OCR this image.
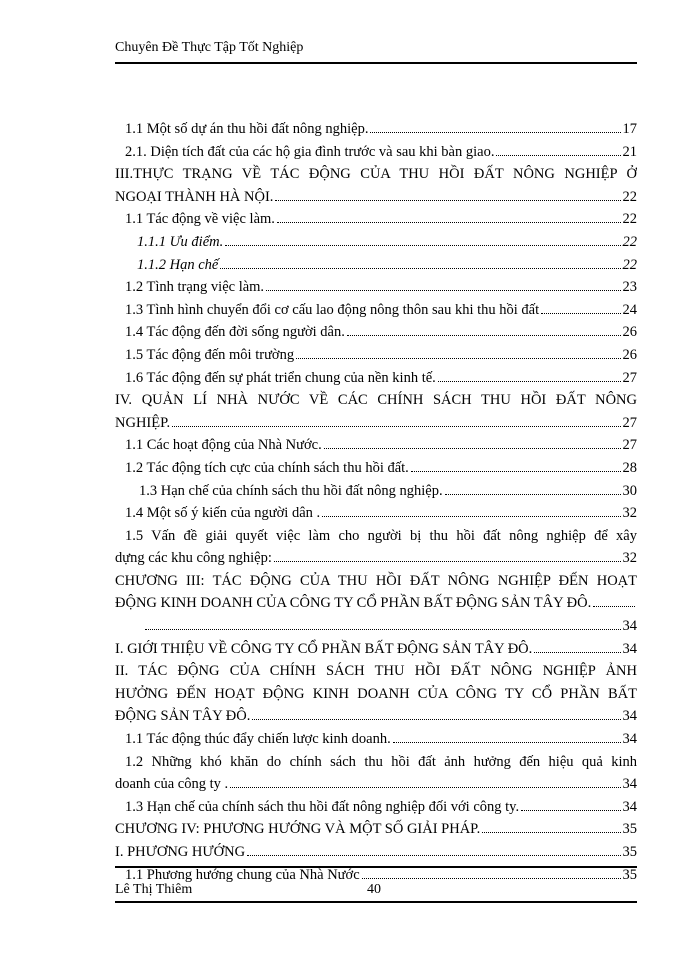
Chuyên Đề Thực Tập Tốt Nghiệp
1.1 Một số dự án thu hồi đất nông nghiệp.	17
2.1. Diện tích đất của các hộ gia đình trước và sau khi bàn giao.	21
III.THỰC TRẠNG VỀ TÁC ĐỘNG CỦA THU HỒI ĐẤT NÔNG NGHIỆP Ở
NGOẠI THÀNH HÀ NỘI.	22
1.1 Tác động về việc làm.	22
1.1.1 Ưu điểm.	22
1.1.2 Hạn chế	22
1.2 Tình trạng việc làm.	23
1.3 Tình hình chuyển đổi cơ cấu lao động nông thôn sau khi thu hồi đất	24
1.4 Tác động đến đời sống người dân.	26
1.5 Tác động đến môi trường	26
1.6 Tác động đến sự phát triển chung của nền kinh tế.	27
IV. QUẢN LÍ NHÀ NƯỚC VỀ CÁC CHÍNH SÁCH THU HỒI ĐẤT NÔNG
NGHIỆP.	27
1.1 Các hoạt động của Nhà Nước.	27
1.2 Tác động tích cực của chính sách thu hồi đất.	28
1.3 Hạn chế của chính sách thu hồi đất nông nghiệp.	30
1.4 Một số ý kiến của người dân .	32
1.5 Vấn đề giải quyết việc làm cho người bị thu hồi đất nông nghiệp để xây
dựng các khu công nghiệp:	32
CHƯƠNG III: TÁC ĐỘNG CỦA THU HỒI ĐẤT NÔNG NGHIỆP ĐẾN HOẠT
ĐỘNG KINH DOANH CỦA CÔNG TY CỔ PHẦN BẤT ĐỘNG SẢN TÂY ĐÔ.
34
I. GIỚI THIỆU VỀ CÔNG TY CỔ PHẦN BẤT ĐỘNG SẢN TÂY ĐÔ.	34
II. TÁC ĐỘNG CỦA CHÍNH SÁCH THU HỒI ĐẤT NÔNG NGHIỆP ẢNH
HƯỞNG ĐẾN HOẠT ĐỘNG KINH DOANH CỦA CÔNG TY CỔ PHẦN BẤT
ĐỘNG SẢN TÂY ĐÔ.	34
1.1 Tác động thúc đẩy chiến lược kinh doanh.	34
1.2 Những khó khăn do chính sách thu hồi đất ảnh hưởng đến hiệu quả kinh
doanh của công ty .	34
1.3 Hạn chế của chính sách thu hồi đất nông nghiệp đối với công ty.	34
CHƯƠNG IV: PHƯƠNG HƯỚNG VÀ MỘT SỐ GIẢI PHÁP.	35
I. PHƯƠNG HƯỚNG	35
1.1 Phương hướng chung của Nhà Nước	35
Lê Thị Thiêm	40
